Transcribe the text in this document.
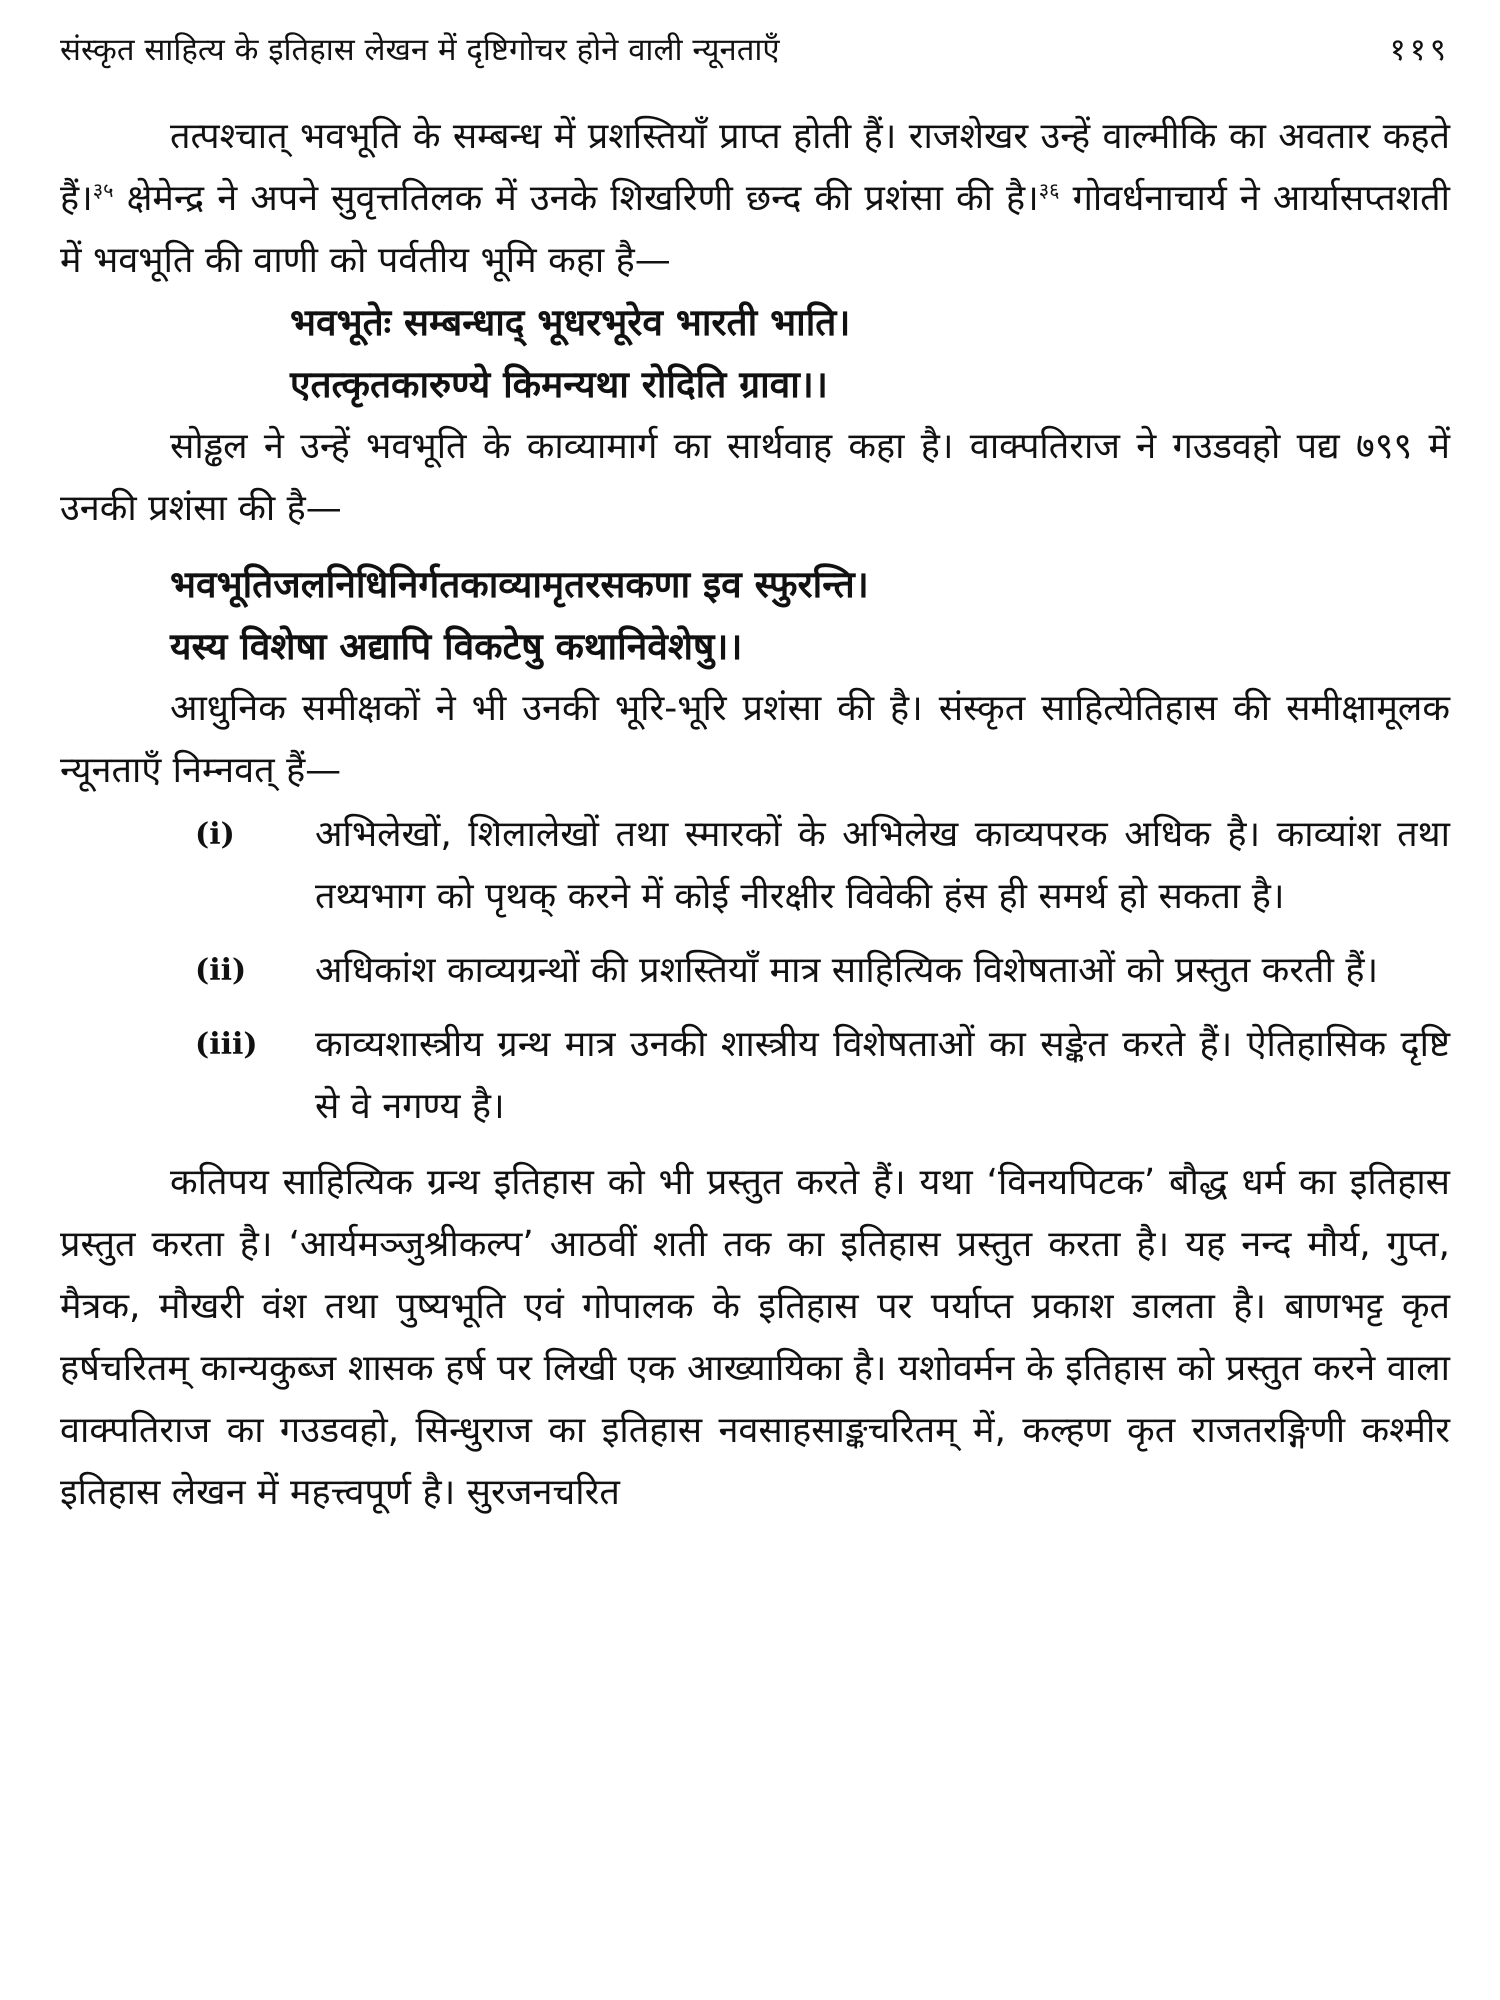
संस्कृत साहित्य के इतिहास लेखन में दृष्टिगोचर होने वाली न्यूनताएँ	११९

तत्पश्चात् भवभूति के सम्बन्ध में प्रशस्तियाँ प्राप्त होती हैं। राजशेखर उन्हें वाल्मीकि का अवतार कहते हैं।$^{३५}$ क्षेमेन्द्र ने अपने सुवृत्ततिलक में उनके शिखरिणी छन्द की प्रशंसा की है।$^{३६}$ गोवर्धनाचार्य ने आर्यासप्तशती में भवभूति की वाणी को पर्वतीय भूमि कहा है—

भवभूतेः सम्बन्धाद् भूधरभूरेव भारती भाति।
एतत्कृतकारुण्ये किमन्यथा रोदिति ग्रावा।।

सोड्ढल ने उन्हें भवभूति के काव्यामार्ग का सार्थवाह कहा है। वाक्पतिराज ने गउडवहो पद्य ७९९ में उनकी प्रशंसा की है—

भवभूतिजलनिधिनिर्गतकाव्यामृतरसकणा इव स्फुरन्ति।
यस्य विशेषा अद्यापि विकटेषु कथानिवेशेषु।।

आधुनिक समीक्षकों ने भी उनकी भूरि-भूरि प्रशंसा की है। संस्कृत साहित्येतिहास की समीक्षामूलक न्यूनताएँ निम्नवत् हैं—

(i)	अभिलेखों, शिलालेखों तथा स्मारकों के अभिलेख काव्यपरक अधिक है। काव्यांश तथा तथ्यभाग को पृथक् करने में कोई नीरक्षीर विवेकी हंस ही समर्थ हो सकता है।
(ii)	अधिकांश काव्यग्रन्थों की प्रशस्तियाँ मात्र साहित्यिक विशेषताओं को प्रस्तुत करती हैं।
(iii)	काव्यशास्त्रीय ग्रन्थ मात्र उनकी शास्त्रीय विशेषताओं का सङ्केत करते हैं। ऐतिहासिक दृष्टि से वे नगण्य है।

कतिपय साहित्यिक ग्रन्थ इतिहास को भी प्रस्तुत करते हैं। यथा ‘विनयपिटक’ बौद्ध धर्म का इतिहास प्रस्तुत करता है। ‘आर्यमञ्जुश्रीकल्प’ आठवीं शती तक का इतिहास प्रस्तुत करता है। यह नन्द मौर्य, गुप्त, मैत्रक, मौखरी वंश तथा पुष्यभूति एवं गोपालक के इतिहास पर पर्याप्त प्रकाश डालता है। बाणभट्ट कृत हर्षचरितम् कान्यकुब्ज शासक हर्ष पर लिखी एक आख्यायिका है। यशोवर्मन के इतिहास को प्रस्तुत करने वाला वाक्पतिराज का गउडवहो, सिन्धुराज का इतिहास नवसाहसाङ्कचरितम् में, कल्हण कृत राजतरङ्गिणी कश्मीर इतिहास लेखन में महत्त्वपूर्ण है। सुरजनचरित
